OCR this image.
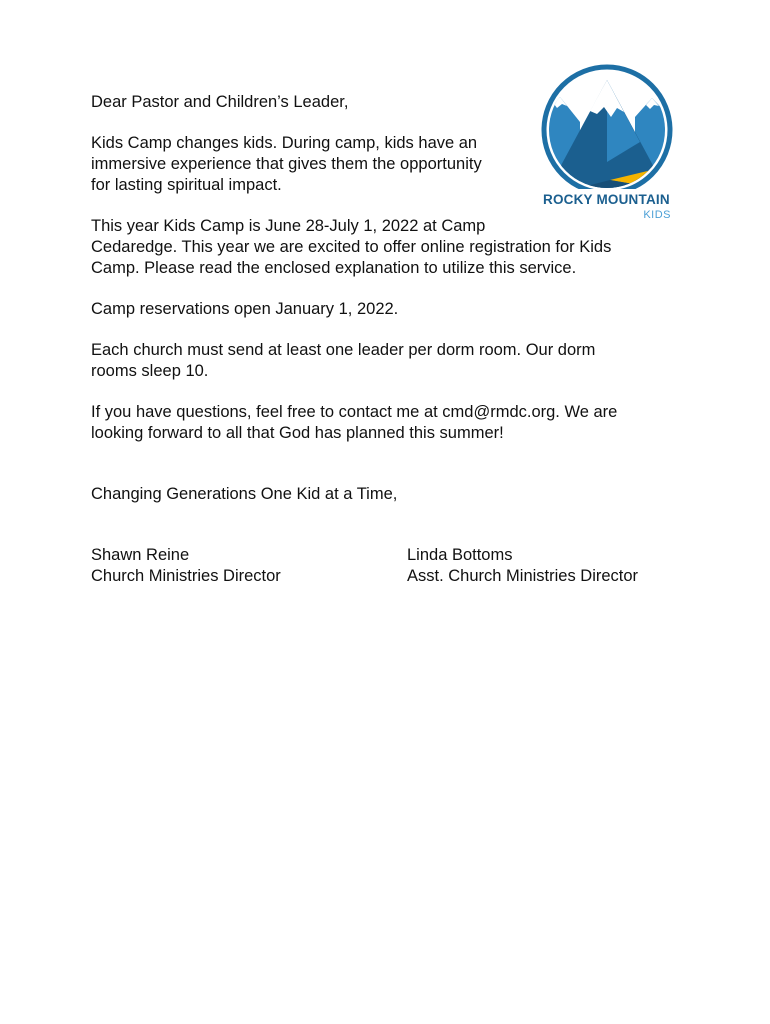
Dear Pastor and Children’s Leader,

Kids Camp changes kids. During camp, kids have an
immersive experience that gives them the opportunity
for lasting spiritual impact.

This year Kids Camp is June 28-July 1, 2022 at Camp
Cedaredge. This year we are excited to offer online registration for Kids
Camp. Please read the enclosed explanation to utilize this service.

Camp reservations open January 1, 2022.

Each church must send at least one leader per dorm room. Our dorm
rooms sleep 10.

If you have questions, feel free to contact me at cmd@rmdc.org. We are
looking forward to all that God has planned this summer!

Changing Generations One Kid at a Time,

Shawn Reine
Church Ministries Director
Linda Bottoms
Asst. Church Ministries Director
ROCKY MOUNTAIN
KIDS
